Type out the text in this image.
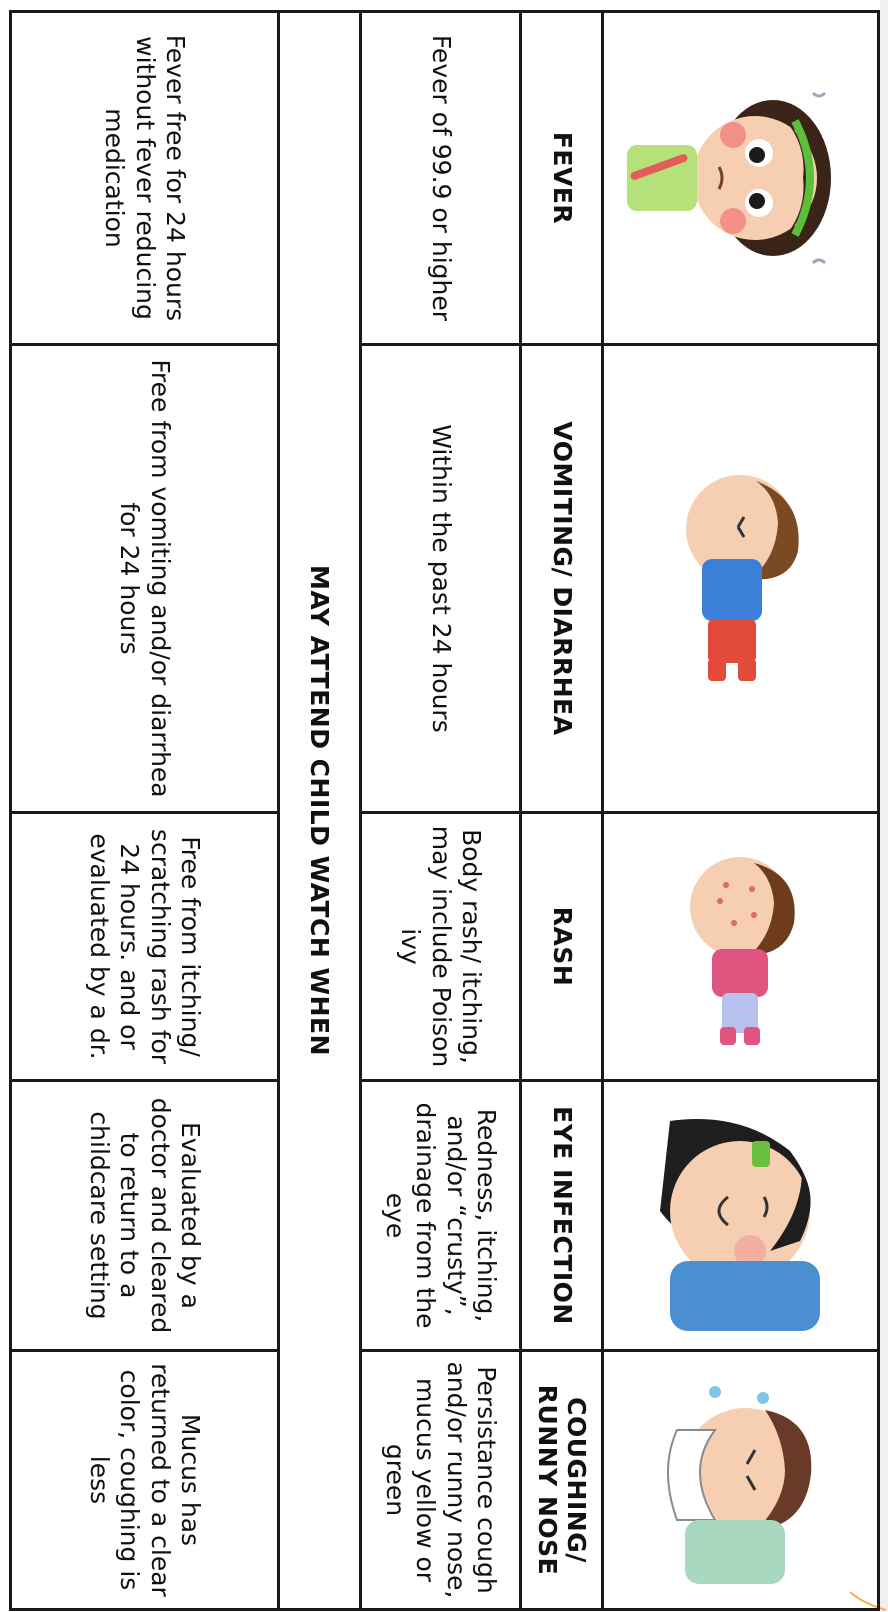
FEVER	VOMITING/ DIARRHEA	RASH	EYE INFECTION	COUGHING/ RUNNY NOSE
Fever of 99.9 or higher	Within the past 24 hours	Body rash/ itching, may include Poison ivy	Redness, itching, and/or “crusty”, drainage from the eye	Persistance cough and/or runny nose, mucus yellow or green
MAY ATTEND CHILD WATCH WHEN				
Fever free for 24 hours without fever reducing medication	Free from vomiting and/or diarrhea for 24 hours	Free from itching/ scratching rash for 24 hours. and or evaluated by a dr.	Evaluated by a doctor and cleared to return to a childcare setting	Mucus has returned to a clear color, coughing is less
